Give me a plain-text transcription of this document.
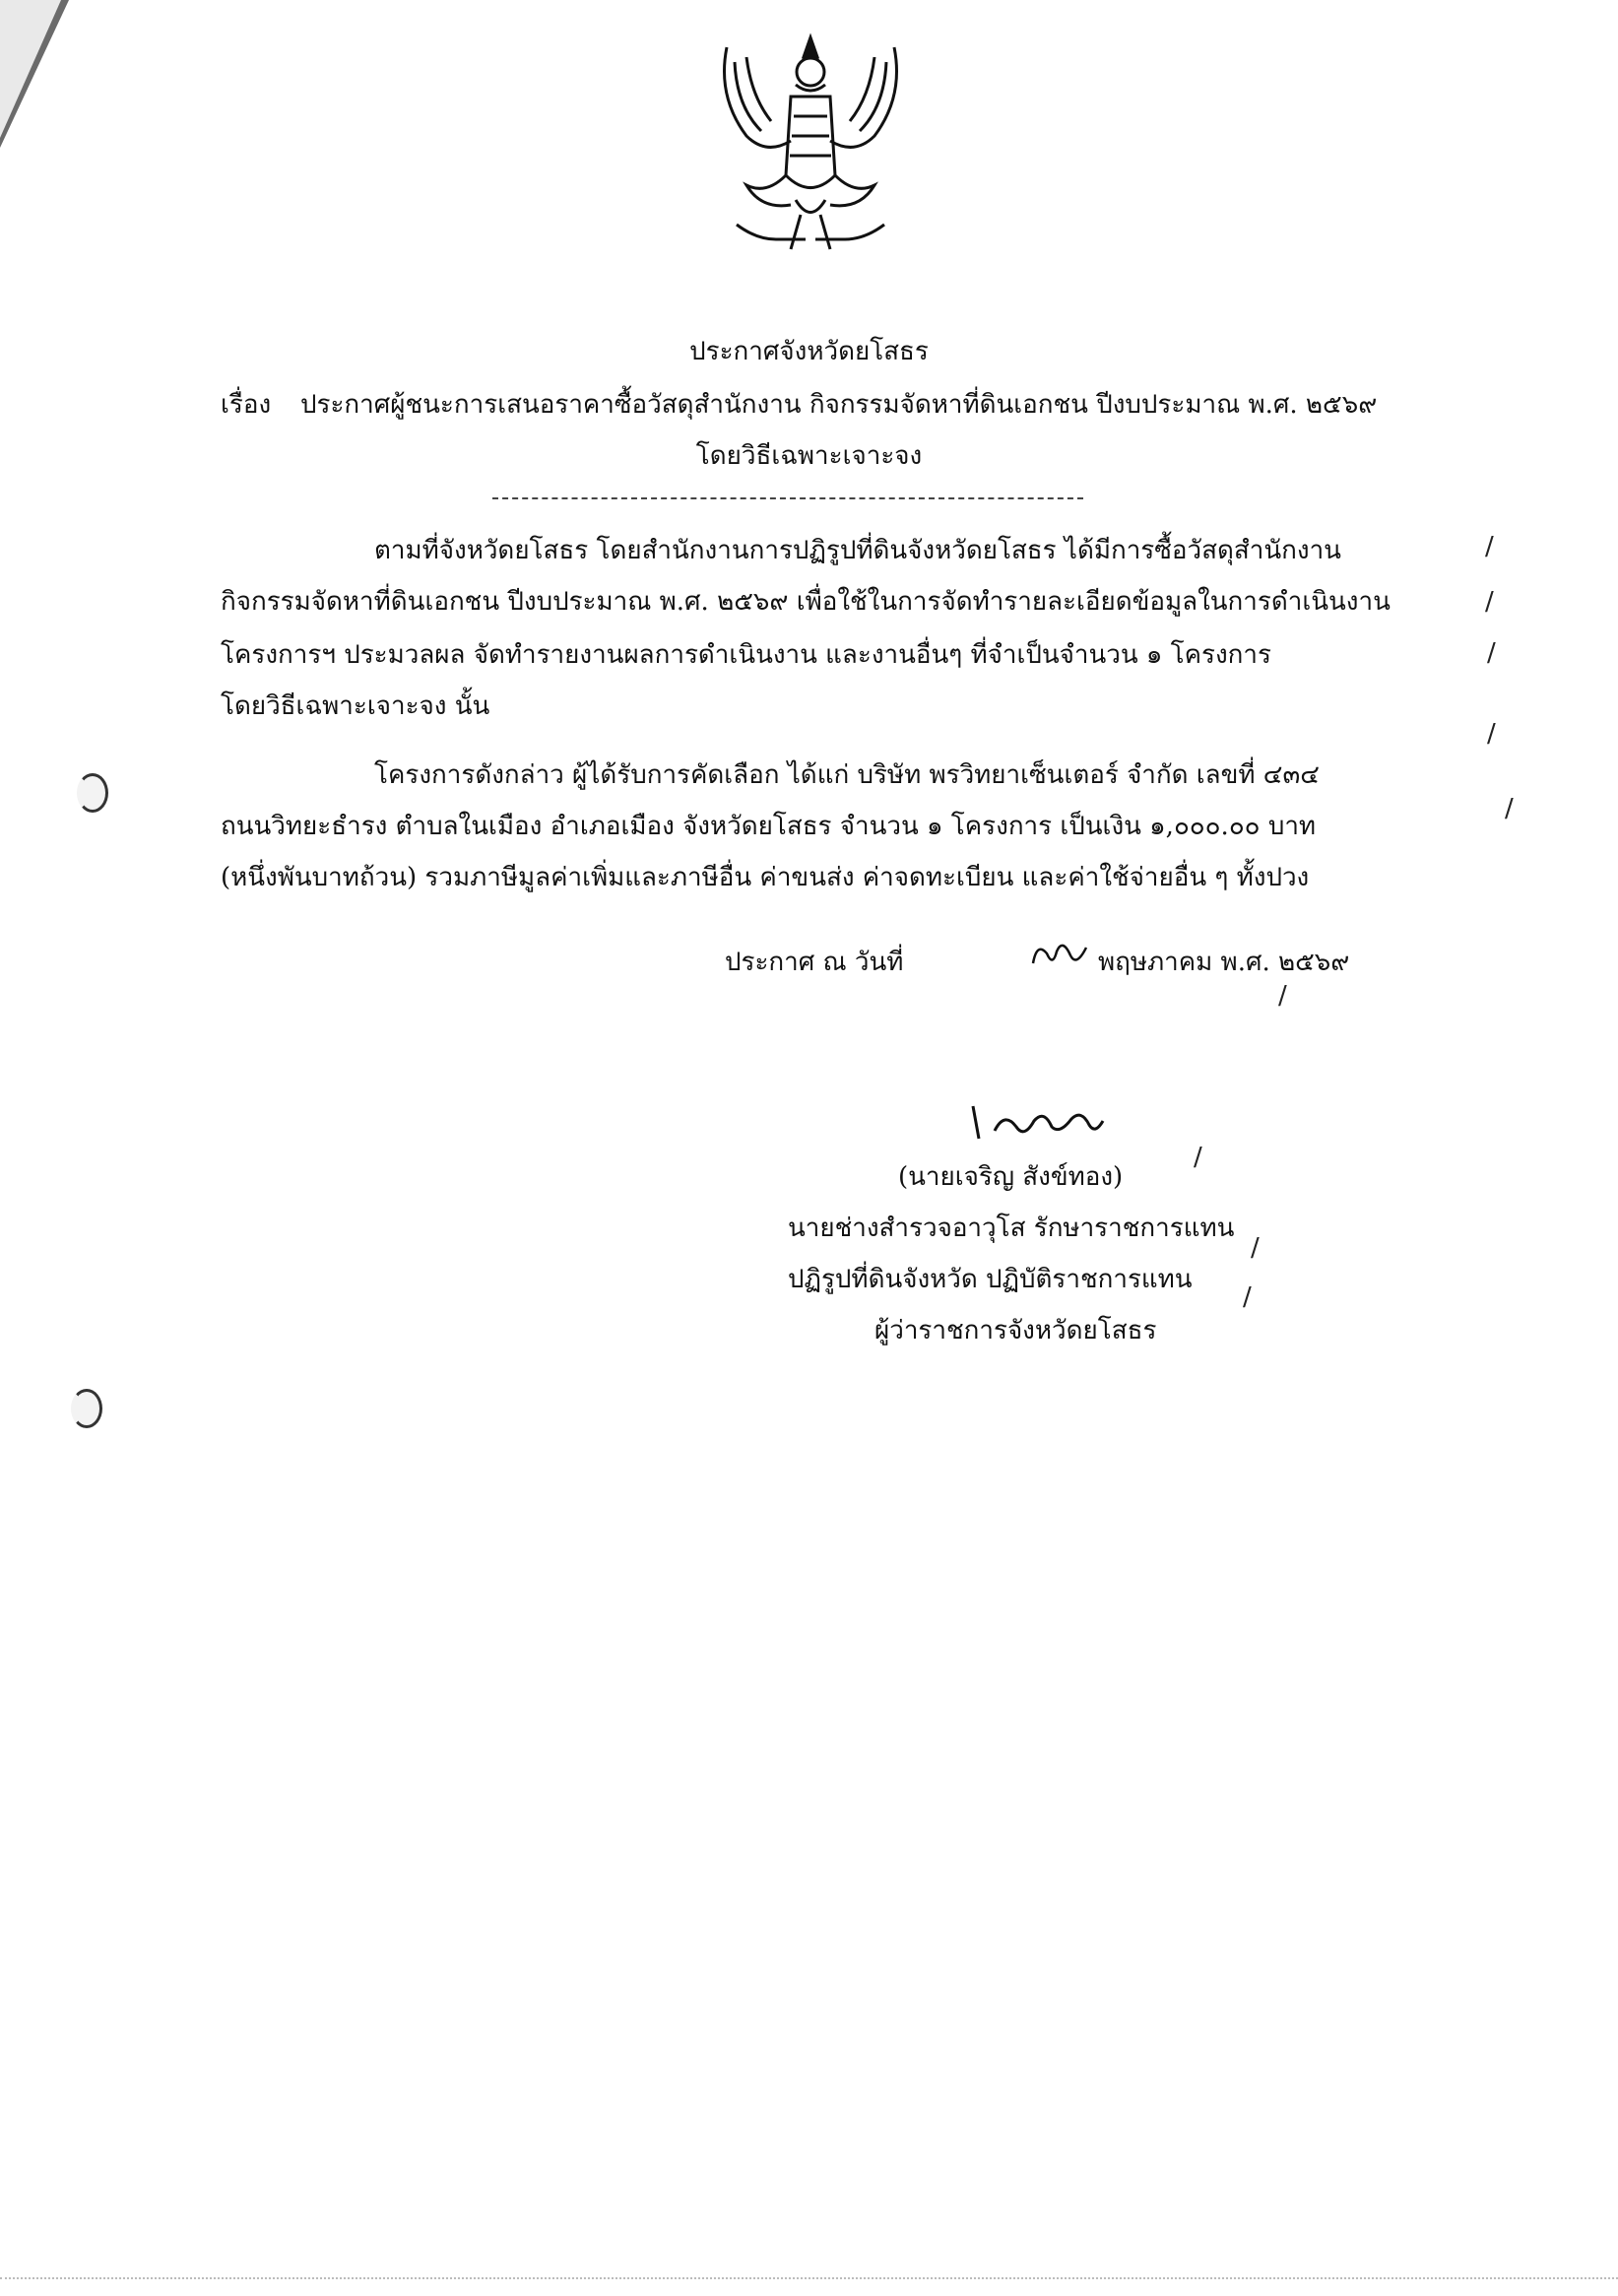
ประกาศจังหวัดยโสธร
เรื่อง ประกาศผู้ชนะการเสนอราคาซื้อวัสดุสำนักงาน กิจกรรมจัดหาที่ดินเอกชน ปีงบประมาณ พ.ศ. ๒๕๖๙
โดยวิธีเฉพาะเจาะจง
ตามที่จังหวัดยโสธร โดยสำนักงานการปฏิรูปที่ดินจังหวัดยโสธร ได้มีการซื้อวัสดุสำนักงาน
กิจกรรมจัดหาที่ดินเอกชน ปีงบประมาณ พ.ศ. ๒๕๖๙ เพื่อใช้ในการจัดทำรายละเอียดข้อมูลในการดำเนินงาน
โครงการฯ ประมวลผล จัดทำรายงานผลการดำเนินงาน และงานอื่นๆ ที่จำเป็นจำนวน ๑ โครงการ
โดยวิธีเฉพาะเจาะจง นั้น
โครงการดังกล่าว ผู้ได้รับการคัดเลือก ได้แก่ บริษัท พรวิทยาเซ็นเตอร์ จำกัด เลขที่ ๔๓๔
ถนนวิทยะธำรง ตำบลในเมือง อำเภอเมือง จังหวัดยโสธร จำนวน ๑ โครงการ เป็นเงิน ๑,๐๐๐.๐๐ บาท
(หนึ่งพันบาทถ้วน) รวมภาษีมูลค่าเพิ่มและภาษีอื่น ค่าขนส่ง ค่าจดทะเบียน และค่าใช้จ่ายอื่น ๆ ทั้งปวง
ประกาศ ณ วันที่	พฤษภาคม พ.ศ. ๒๕๖๙
(นายเจริญ สังข์ทอง)
นายช่างสำรวจอาวุโส รักษาราชการแทน
ปฏิรูปที่ดินจังหวัด ปฏิบัติราชการแทน
ผู้ว่าราชการจังหวัดยโสธร
/
/
/
/
/
/
/
/
/
